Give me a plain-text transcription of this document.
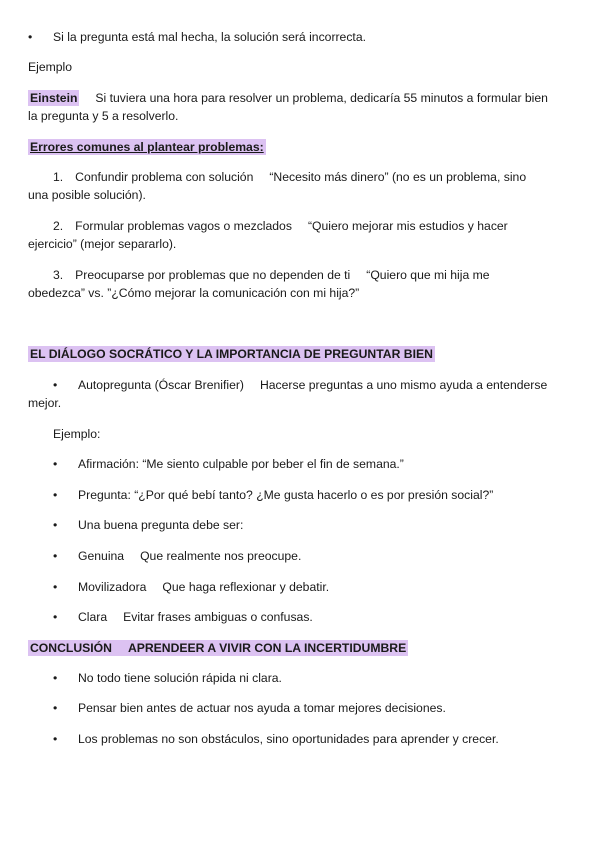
• Si la pregunta está mal hecha, la solución será incorrecta.
Ejemplo
Einstein Si tuviera una hora para resolver un problema, dedicaría 55 minutos a formular bien
la pregunta y 5 a resolverlo.
Errores comunes al plantear problemas:
1. Confundir problema con solución “Necesito más dinero” (no es un problema, sino
una posible solución).
2. Formular problemas vagos o mezclados “Quiero mejorar mis estudios y hacer
ejercicio” (mejor separarlo).
3. Preocuparse por problemas que no dependen de ti “Quiero que mi hija me
obedezca” vs. ”¿Cómo mejorar la comunicación con mi hija?”
EL DIÁLOGO SOCRÁTICO Y LA IMPORTANCIA DE PREGUNTAR BIEN
• Autopregunta (Óscar Brenifier) Hacerse preguntas a uno mismo ayuda a entenderse
mejor.
Ejemplo:
• Afirmación: “Me siento culpable por beber el fin de semana.”
• Pregunta: “¿Por qué bebí tanto? ¿Me gusta hacerlo o es por presión social?”
• Una buena pregunta debe ser:
• Genuina Que realmente nos preocupe.
• Movilizadora Que haga reflexionar y debatir.
• Clara Evitar frases ambiguas o confusas.
CONCLUSIÓN APRENDEER A VIVIR CON LA INCERTIDUMBRE
• No todo tiene solución rápida ni clara.
• Pensar bien antes de actuar nos ayuda a tomar mejores decisiones.
• Los problemas no son obstáculos, sino oportunidades para aprender y crecer.
